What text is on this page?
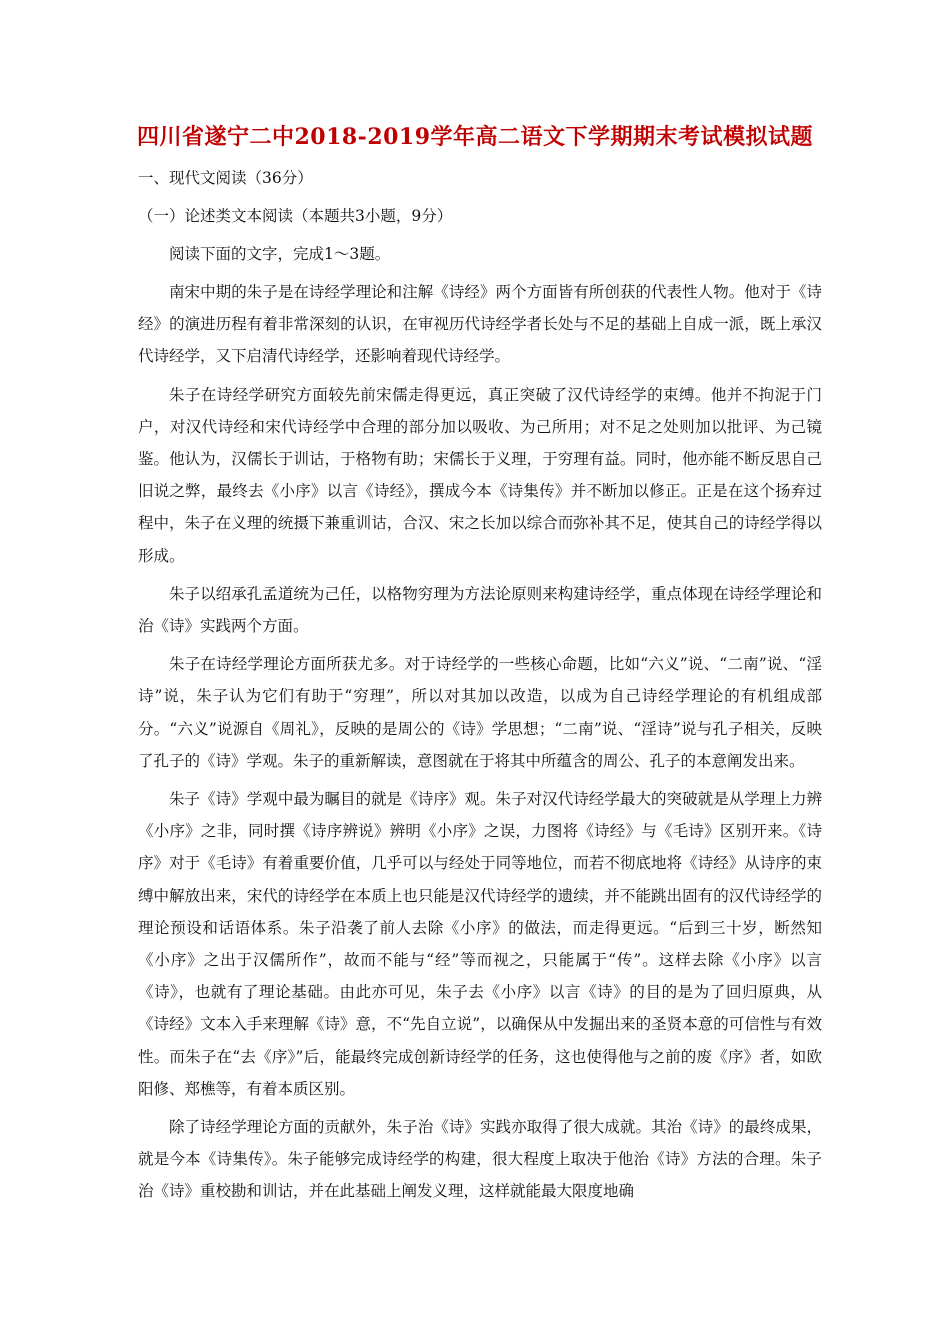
四川省遂宁二中2018-2019学年高二语文下学期期末考试模拟试题

一、现代文阅读（36分）

（一）论述类文本阅读（本题共3小题，9分）

阅读下面的文字，完成1～3题。

南宋中期的朱子是在诗经学理论和注解《诗经》两个方面皆有所创获的代表性人物。他对于《诗经》的演进历程有着非常深刻的认识，在审视历代诗经学者长处与不足的基础上自成一派，既上承汉代诗经学，又下启清代诗经学，还影响着现代诗经学。

朱子在诗经学研究方面较先前宋儒走得更远，真正突破了汉代诗经学的束缚。他并不拘泥于门户，对汉代诗经和宋代诗经学中合理的部分加以吸收、为己所用；对不足之处则加以批评、为己镜鉴。他认为，汉儒长于训诂，于格物有助；宋儒长于义理，于穷理有益。同时，他亦能不断反思自己旧说之弊，最终去《小序》以言《诗经》，撰成今本《诗集传》并不断加以修正。正是在这个扬弃过程中，朱子在义理的统摄下兼重训诂，合汉、宋之长加以综合而弥补其不足，使其自己的诗经学得以形成。

朱子以绍承孔孟道统为己任，以格物穷理为方法论原则来构建诗经学，重点体现在诗经学理论和治《诗》实践两个方面。

朱子在诗经学理论方面所获尤多。对于诗经学的一些核心命题，比如“六义”说、“二南”说、“淫诗”说，朱子认为它们有助于“穷理”，所以对其加以改造，以成为自己诗经学理论的有机组成部分。“六义”说源自《周礼》，反映的是周公的《诗》学思想；“二南”说、“淫诗”说与孔子相关，反映了孔子的《诗》学观。朱子的重新解读，意图就在于将其中所蕴含的周公、孔子的本意阐发出来。

朱子《诗》学观中最为瞩目的就是《诗序》观。朱子对汉代诗经学最大的突破就是从学理上力辨《小序》之非，同时撰《诗序辨说》辨明《小序》之误，力图将《诗经》与《毛诗》区别开来。《诗序》对于《毛诗》有着重要价值，几乎可以与经处于同等地位，而若不彻底地将《诗经》从诗序的束缚中解放出来，宋代的诗经学在本质上也只能是汉代诗经学的遗续，并不能跳出固有的汉代诗经学的理论预设和话语体系。朱子沿袭了前人去除《小序》的做法，而走得更远。“后到三十岁，断然知《小序》之出于汉儒所作”，故而不能与“经”等而视之，只能属于“传”。这样去除《小序》以言《诗》，也就有了理论基础。由此亦可见，朱子去《小序》以言《诗》的目的是为了回归原典，从《诗经》文本入手来理解《诗》意，不“先自立说”，以确保从中发掘出来的圣贤本意的可信性与有效性。而朱子在“去《序》”后，能最终完成创新诗经学的任务，这也使得他与之前的废《序》者，如欧阳修、郑樵等，有着本质区别。

除了诗经学理论方面的贡献外，朱子治《诗》实践亦取得了很大成就。其治《诗》的最终成果，就是今本《诗集传》。朱子能够完成诗经学的构建，很大程度上取决于他治《诗》方法的合理。朱子治《诗》重校勘和训诂，并在此基础上阐发义理，这样就能最大限度地确
